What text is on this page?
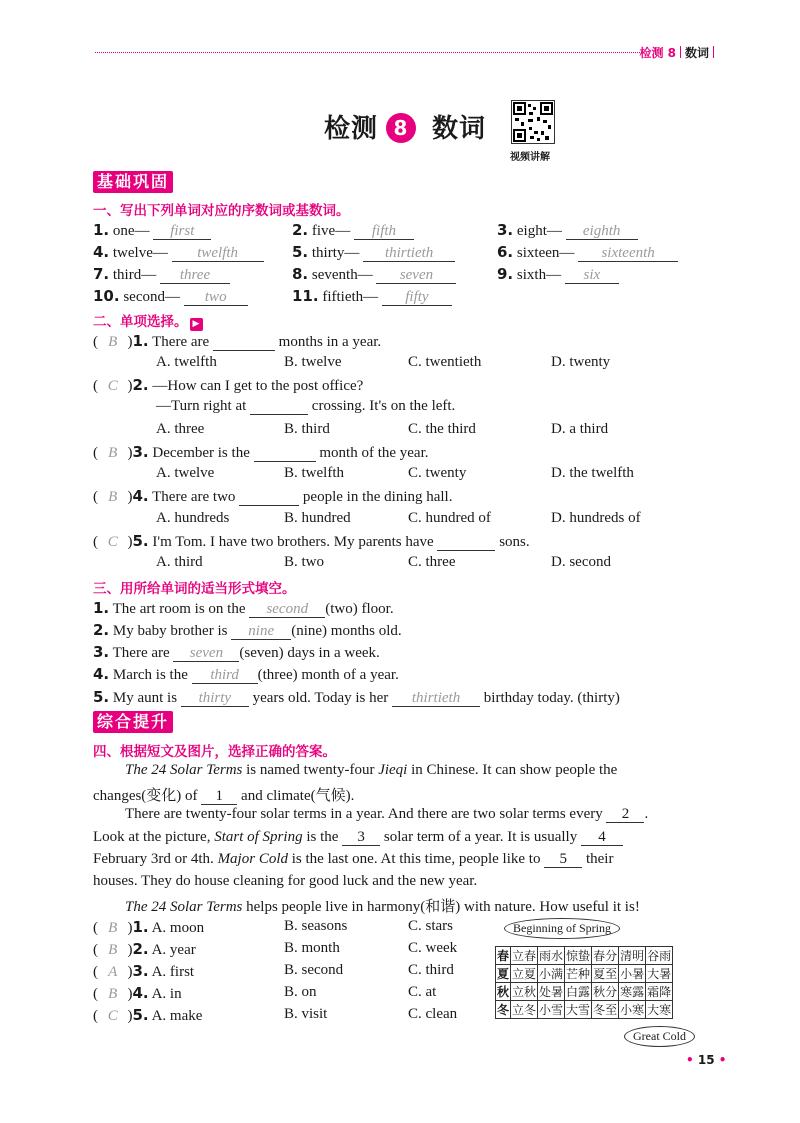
检测 8 数词
检测 8 数词
视频讲解
基础巩固
一、写出下列单词对应的序数词或基数词。
1. one— first	2. five— fifth	3. eight— eighth
4. twelve— twelfth	5. thirty— thirtieth	6. sixteen— sixteenth
7. third— three	8. seventh— seven	9. sixth— six
10. second— two	11. fiftieth— fifty
二、单项选择。 ▶
( B )1. There are	months in a year.
A. twelfth	B. twelve	C. twentieth	D. twenty
( C )2. —How can I get to the post office?
—Turn right at	crossing. It's on the left.
A. three	B. third	C. the third	D. a third
( B )3. December is the	month of the year.
A. twelve	B. twelfth	C. twenty	D. the twelfth
( B )4. There are two	people in the dining hall.
A. hundreds	B. hundred	C. hundred of	D. hundreds of
( C )5. I'm Tom. I have two brothers. My parents have	sons.
A. third	B. two	C. three	D. second
三、用所给单词的适当形式填空。
1. The art room is on the second (two) floor.
2. My baby brother is nine (nine) months old.
3. There are seven (seven) days in a week.
4. March is the third (three) month of a year.
5. My aunt is thirty years old. Today is her thirtieth birthday today. (thirty)
综合提升
四、根据短文及图片，选择正确的答案。
The 24 Solar Terms is named twenty-four Jieqi in Chinese. It can show people the
changes(变化) of 1 and climate(气候).
There are twenty-four solar terms in a year. And there are two solar terms every 2 .
Look at the picture, Start of Spring is the 3 solar term of a year. It is usually 4
February 3rd or 4th. Major Cold is the last one. At this time, people like to 5 their
houses. They do house cleaning for good luck and the new year.
The 24 Solar Terms helps people live in harmony(和谐) with nature. How useful it is!
( B )1. A. moon	B. seasons	C. stars
( B )2. A. year	B. month	C. week
( A )3. A. first	B. second	C. third
( B )4. A. in	B. on	C. at
( C )5. A. make	B. visit	C. clean
Beginning of Spring
春	立春	雨水	惊蛰	春分	清明	谷雨
夏	立夏	小满	芒种	夏至	小暑	大暑
秋	立秋	处暑	白露	秋分	寒露	霜降
冬	立冬	小雪	大雪	冬至	小寒	大寒
Great Cold
• 15 •
